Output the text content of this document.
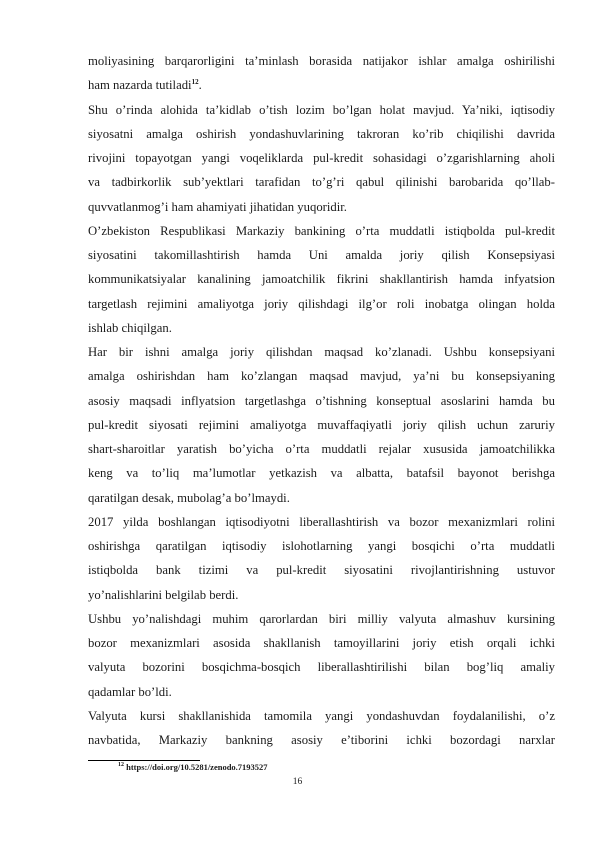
moliyasining barqarorligini ta’minlash borasida natijakor ishlar amalga oshirilishi
ham nazarda tutiladi$^{12}$.

Shu o’rinda alohida ta’kidlab o’tish lozim bo’lgan holat mavjud. Ya’niki, iqtisodiy
siyosatni amalga oshirish yondashuvlarining takroran ko’rib chiqilishi davrida
rivojini topayotgan yangi voqeliklarda pul-kredit sohasidagi o’zgarishlarning aholi
va tadbirkorlik sub’yektlari tarafidan to’g’ri qabul qilinishi barobarida qo’llab-
quvvatlanmog’i ham ahamiyati jihatidan yuqoridir.

O’zbekiston Respublikasi Markaziy bankining o’rta muddatli istiqbolda pul-kredit
siyosatini takomillashtirish hamda Uni amalda joriy qilish Konsepsiyasi
kommunikatsiyalar kanalining jamoatchilik fikrini shakllantirish hamda infyatsion
targetlash rejimini amaliyotga joriy qilishdagi ilg’or roli inobatga olingan holda
ishlab chiqilgan.

Har bir ishni amalga joriy qilishdan maqsad ko’zlanadi. Ushbu konsepsiyani
amalga oshirishdan ham ko’zlangan maqsad mavjud, ya’ni bu konsepsiyaning
asosiy maqsadi inflyatsion targetlashga o’tishning konseptual asoslarini hamda bu
pul-kredit siyosati rejimini amaliyotga muvaffaqiyatli joriy qilish uchun zaruriy
shart-sharoitlar yaratish bo’yicha o’rta muddatli rejalar xususida jamoatchilikka
keng va to’liq ma’lumotlar yetkazish va albatta, batafsil bayonot berishga
qaratilgan desak, mubolag’a bo’lmaydi.

2017 yilda boshlangan iqtisodiyotni liberallashtirish va bozor mexanizmlari rolini
oshirishga qaratilgan iqtisodiy islohotlarning yangi bosqichi o’rta muddatli
istiqbolda bank tizimi va pul-kredit siyosatini rivojlantirishning ustuvor
yo’nalishlarini belgilab berdi.

Ushbu yo’nalishdagi muhim qarorlardan biri milliy valyuta almashuv kursining
bozor mexanizmlari asosida shakllanish tamoyillarini joriy etish orqali ichki
valyuta bozorini bosqichma-bosqich liberallashtirilishi bilan bog’liq amaliy
qadamlar bo’ldi.

Valyuta kursi shakllanishida tamomila yangi yondashuvdan foydalanilishi, o’z
navbatida, Markaziy bankning asosiy e’tiborini ichki bozordagi narxlar

$^{12}$ https://doi.org/10.5281/zenodo.7193527
16
